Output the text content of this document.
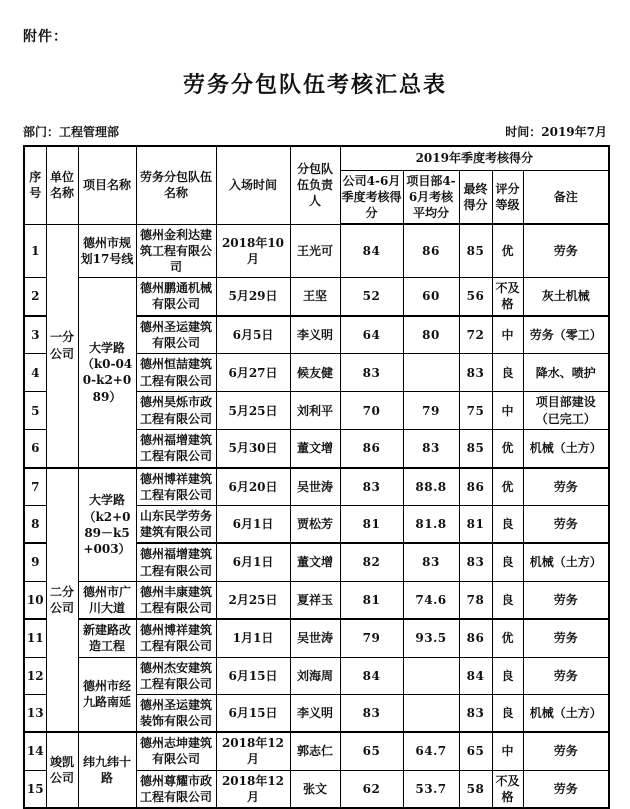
附件：
劳务分包队伍考核汇总表
部门：工程管理部	时间：2019年7月
序号	单位名称	项目名称	劳务分包队伍名称	入场时间	分包队伍负责人	2019年季度考核得分				
						公司4-6月季度考核得分	项目部4-6月考核平均分	最终得分	评分等级	备注
1	一分公司	德州市规划17号线	德州金利达建筑工程有限公司	2018年10月	王光可	84	86	85	优	劳务
2		大学路（k0-040-k2+089）	德州鹏通机械有限公司	5月29日	王坚	52	60	56	不及格	灰土机械
3			德州圣运建筑有限公司	6月5日	李义明	64	80	72	中	劳务（零工）
4			德州恒喆建筑工程有限公司	6月27日	候友健	83		83	良	降水、喷护
5			德州昊烁市政工程有限公司	5月25日	刘利平	70	79	75	中	项目部建设（已完工）
6			德州福增建筑工程有限公司	5月30日	董文增	86	83	85	优	机械（土方）
7	二分公司	大学路（k2+089－k5+003）	德州博祥建筑工程有限公司	6月20日	吴世涛	83	88.8	86	优	劳务
8			山东民学劳务建筑有限公司	6月1日	贾松芳	81	81.8	81	良	劳务
9			德州福增建筑工程有限公司	6月1日	董文增	82	83	83	良	机械（土方）
10		德州市广川大道	德州丰康建筑工程有限公司	2月25日	夏祥玉	81	74.6	78	良	劳务
11		新建路改造工程	德州博祥建筑工程有限公司	1月1日	吴世涛	79	93.5	86	优	劳务
12		德州市经九路南延	德州杰安建筑工程有限公司	6月15日	刘海周	84		84	良	劳务
13			德州圣运建筑装饰有限公司	6月15日	李义明	83		83	良	机械（土方）
14	竣凯公司	纬九纬十路	德州志坤建筑有限公司	2018年12月	郭志仁	65	64.7	65	中	劳务
15			德州尊耀市政工程有限公司	2018年12月	张文	62	53.7	58	不及格	劳务
